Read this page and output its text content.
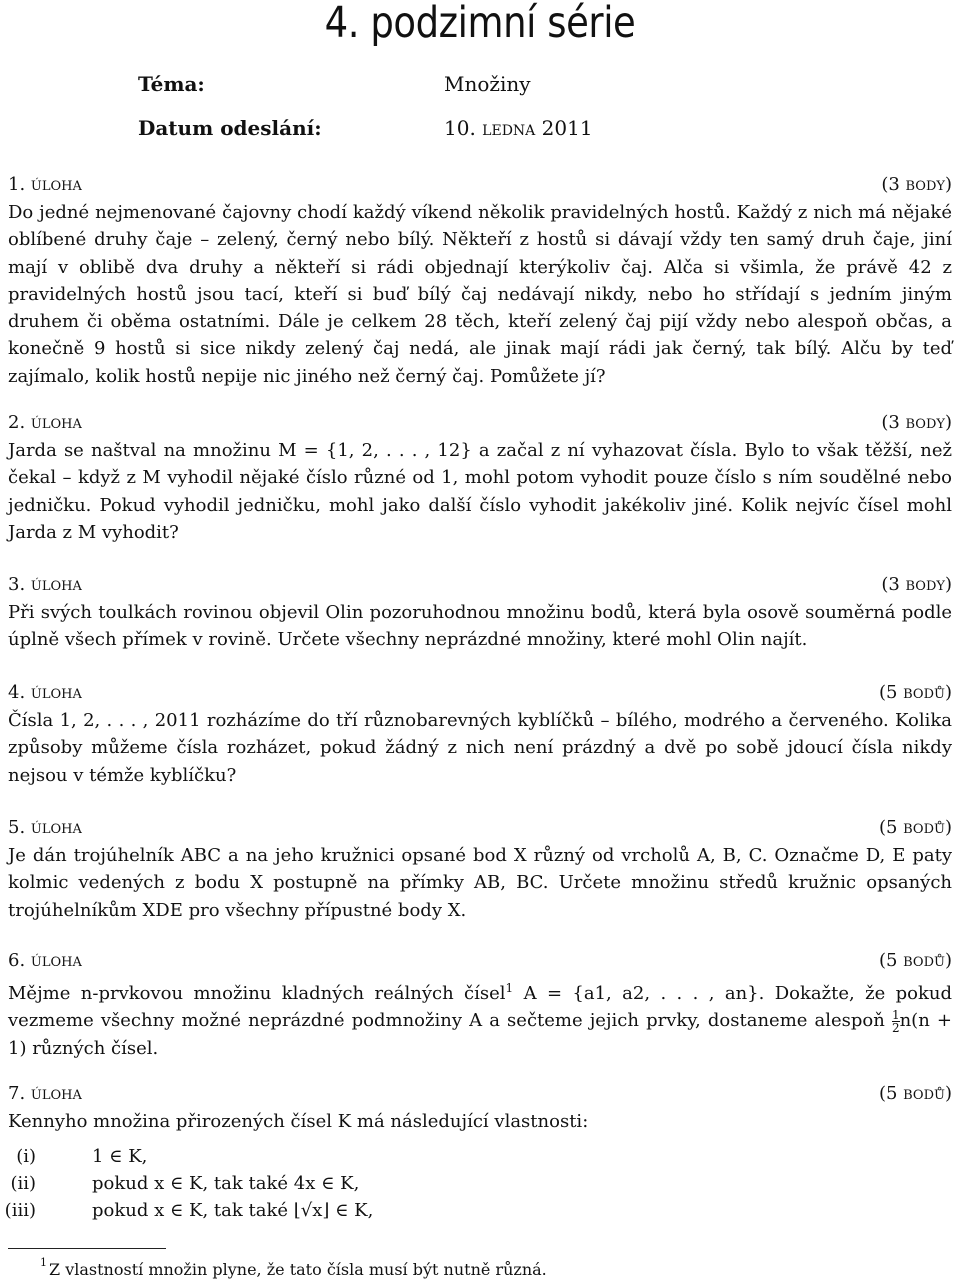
4. podzimní série
Téma:	Množiny
Datum odeslání:	10. ledna 2011
1. úloha	(3 body)
Do jedné nejmenované čajovny chodí každý víkend několik pravidelných hostů. Každý z nich má nějaké oblíbené druhy čaje – zelený, černý nebo bílý. Někteří z hostů si dávají vždy ten samý druh čaje, jiní mají v oblibě dva druhy a někteří si rádi objednají kterýkoliv čaj. Alča si všimla, že právě 42 z pravidelných hostů jsou tací, kteří si buď bílý čaj nedávají nikdy, nebo ho střídají s jedním jiným druhem či oběma ostatními. Dále je celkem 28 těch, kteří zelený čaj pijí vždy nebo alespoň občas, a konečně 9 hostů si sice nikdy zelený čaj nedá, ale jinak mají rádi jak černý, tak bílý. Alču by teď zajímalo, kolik hostů nepije nic jiného než černý čaj. Pomůžete jí?
2. úloha	(3 body)
Jarda se naštval na množinu M = {1, 2, . . . , 12} a začal z ní vyhazovat čísla. Bylo to však těžší, než čekal – když z M vyhodil nějaké číslo různé od 1, mohl potom vyhodit pouze číslo s ním soudělné nebo jedničku. Pokud vyhodil jedničku, mohl jako další číslo vyhodit jakékoliv jiné. Kolik nejvíc čísel mohl Jarda z M vyhodit?
3. úloha	(3 body)
Při svých toulkách rovinou objevil Olin pozoruhodnou množinu bodů, která byla osově souměrná podle úplně všech přímek v rovině. Určete všechny neprázdné množiny, které mohl Olin najít.
4. úloha	(5 bodů)
Čísla 1, 2, . . . , 2011 rozházíme do tří různobarevných kyblíčků – bílého, modrého a červeného. Kolika způsoby můžeme čísla rozházet, pokud žádný z nich není prázdný a dvě po sobě jdoucí čísla nikdy nejsou v témže kyblíčku?
5. úloha	(5 bodů)
Je dán trojúhelník ABC a na jeho kružnici opsané bod X různý od vrcholů A, B, C. Označme D, E paty kolmic vedených z bodu X postupně na přímky AB, BC. Určete množinu středů kružnic opsaných trojúhelníkům XDE pro všechny přípustné body X.
6. úloha	(5 bodů)
Mějme n-prvkovou množinu kladných reálných čísel$^1$ A = {a1, a2, . . . , an}. Dokažte, že pokud vezmeme všechny možné neprázdné podmnožiny A a sečteme jejich prvky, dostaneme alespoň $\frac{1}{2} n(n + 1)$ různých čísel.
7. úloha	(5 bodů)
Kennyho množina přirozených čísel K má následující vlastnosti:
(i)	1 ∈ K,
(ii)	pokud x ∈ K, tak také 4x ∈ K,
(iii)	pokud x ∈ K, tak také ⌊√x⌋ ∈ K,
$^1$ Z vlastností množin plyne, že tato čísla musí být nutně různá.
